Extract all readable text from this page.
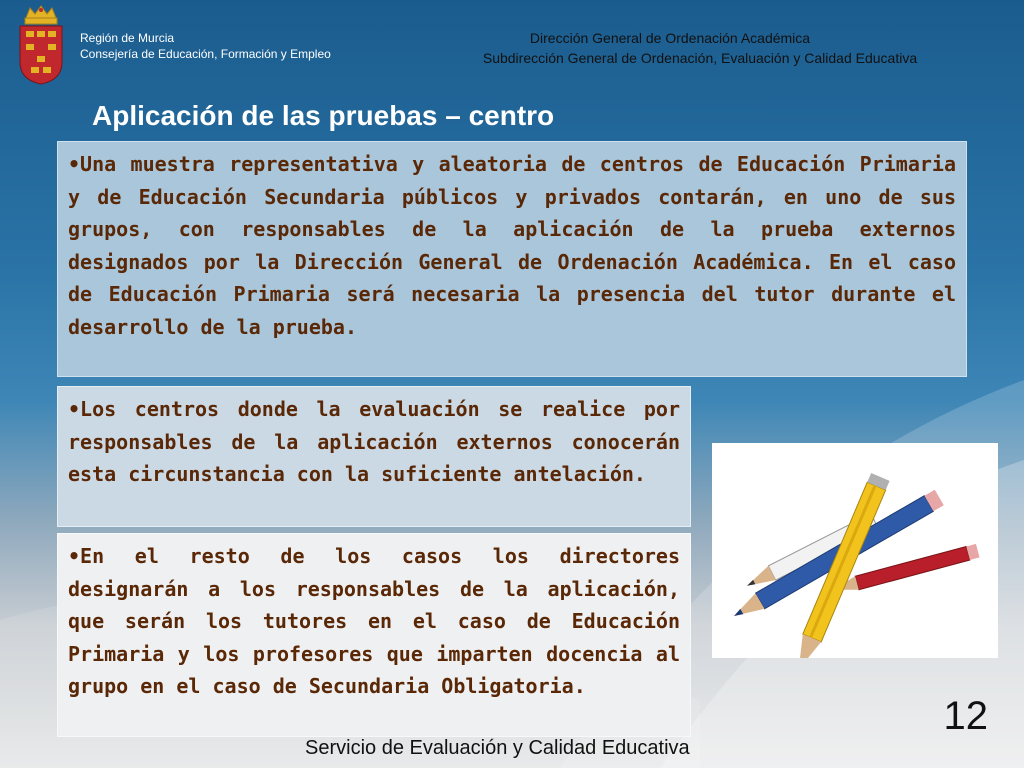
Región de Murcia
Consejería de Educación, Formación y Empleo
Dirección General de Ordenación Académica
Subdirección General de Ordenación, Evaluación y Calidad Educativa
Aplicación de las pruebas – centro
•Una muestra representativa y aleatoria de centros de Educación Primaria y de Educación Secundaria públicos y privados contarán, en uno de sus grupos, con responsables de la aplicación de la prueba externos designados por la Dirección General de Ordenación Académica. En el caso de Educación Primaria será necesaria la presencia del tutor durante el desarrollo de la prueba.
•Los centros donde la evaluación se realice por responsables de la aplicación externos conocerán esta circunstancia con la suficiente antelación.
•En el resto de los casos los directores designarán a los responsables de la aplicación, que serán los tutores en el caso de Educación Primaria y los profesores que imparten docencia al grupo en el caso de Secundaria Obligatoria.
12
Servicio de Evaluación y Calidad Educativa
